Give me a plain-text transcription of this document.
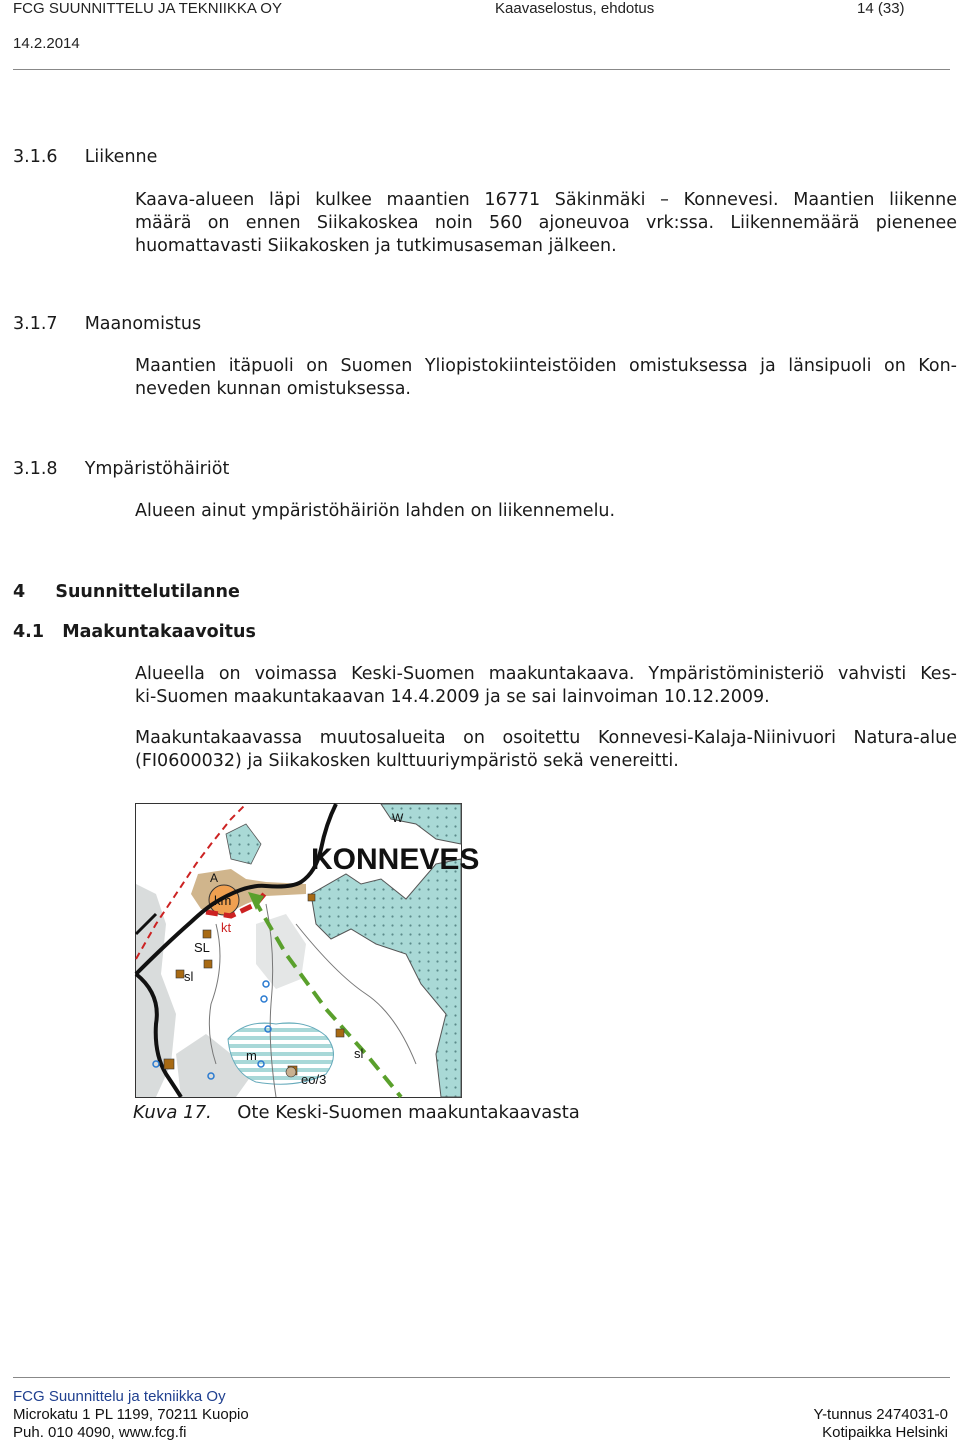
FCG SUUNNITTELU JA TEKNIIKKA OY	Kaavaselostus, ehdotus	14 (33)
14.2.2014
3.1.6 Liikenne
Kaava-alueen läpi kulkee maantien 16771 Säkinmäki – Konnevesi. Maantien liikenne
määrä on ennen Siikakoskea noin 560 ajoneuvoa vrk:ssa. Liikennemäärä pienenee
huomattavasti Siikakosken ja tutkimusaseman jälkeen.
3.1.7 Maanomistus
Maantien itäpuoli on Suomen Yliopistokiinteistöiden omistuksessa ja länsipuoli on Kon-
neveden kunnan omistuksessa.
3.1.8 Ympäristöhäiriöt
Alueen ainut ympäristöhäiriön lahden on liikennemelu.
4 Suunnittelutilanne
4.1 Maakuntakaavoitus
Alueella on voimassa Keski-Suomen maakuntakaava. Ympäristöministeriö vahvisti Kes-
ki-Suomen maakuntakaavan 14.4.2009 ja se sai lainvoiman 10.12.2009.
Maakuntakaavassa muutosalueita on osoitettu Konnevesi-Kalaja-Niinivuori Natura-alue
(FI0600032) ja Siikakosken kulttuuriympäristö sekä venereitti.
KONNEVES
W
A
km
kt
SL
sl
sl
m
eo/3
Kuva 17. Ote Keski-Suomen maakuntakaavasta
FCG Suunnittelu ja tekniikka Oy
Microkatu 1 PL 1199, 70211 Kuopio
Puh. 010 4090, www.fcg.fi
Y-tunnus 2474031-0
Kotipaikka Helsinki
